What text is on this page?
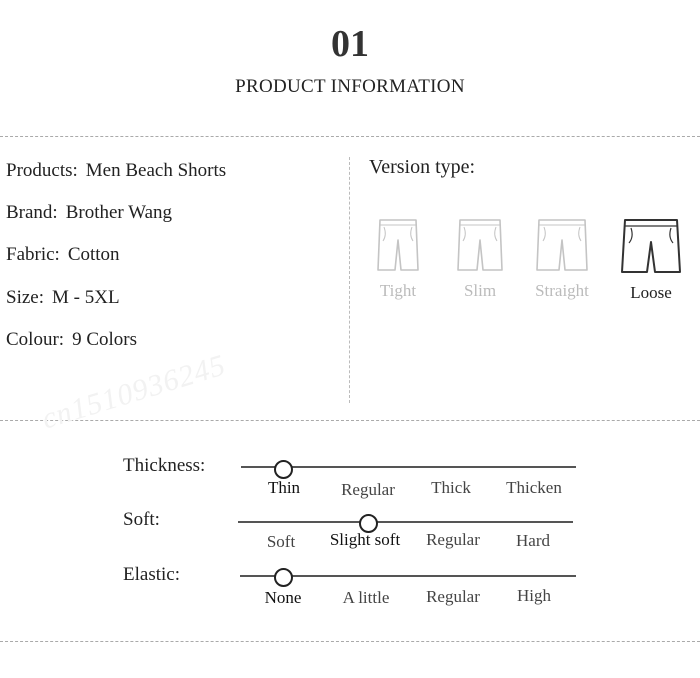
01
PRODUCT INFORMATION
Products: Men Beach Shorts
Brand: Brother Wang
Fabric: Cotton
Size: M - 5XL
Colour: 9 Colors
Version type:
Tight	Slim	Straight	Loose
cn1510936245
Thickness:
Thin	Regular	Thick	Thicken
Soft:
Soft	Slight soft	Regular	Hard
Elastic:
None	A little	Regular	High
